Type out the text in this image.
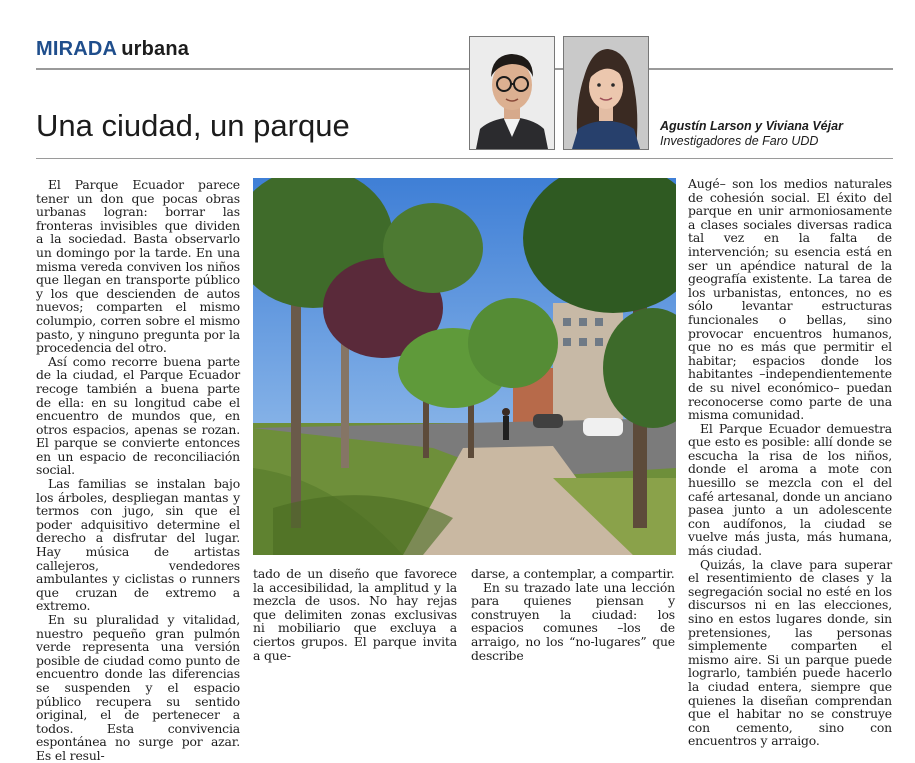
MIRADA urbana
Agustín Larson y Viviana Véjar
Investigadores de Faro UDD
Una ciudad, un parque

El Parque Ecuador parece tener un don que pocas obras urbanas logran: borrar las fronteras invisibles que dividen a la sociedad. Basta observarlo un domingo por la tarde. En una misma vereda conviven los niños que llegan en transporte público y los que descienden de autos nuevos; comparten el mismo columpio, corren sobre el mismo pasto, y ninguno pregunta por la procedencia del otro.

Así como recorre buena parte de la ciudad, el Parque Ecuador recoge también a buena parte de ella: en su longitud cabe el encuentro de mundos que, en otros espacios, apenas se rozan. El parque se convierte entonces en un espacio de reconciliación social.

Las familias se instalan bajo los árboles, despliegan mantas y termos con jugo, sin que el poder adquisitivo determine el derecho a disfrutar del lugar. Hay música de artistas callejeros, vendedores ambulantes y ciclistas o runners que cruzan de extremo a extremo.

En su pluralidad y vitalidad, nuestro pequeño gran pulmón verde representa una versión posible de ciudad como punto de encuentro donde las diferencias se suspenden y el espacio público recupera su sentido original, el de pertenecer a todos. Esta convivencia espontánea no surge por azar. Es el resul-

tado de un diseño que favorece la accesibilidad, la amplitud y la mezcla de usos. No hay rejas que delimiten zonas exclusivas ni mobiliario que excluya a ciertos grupos. El parque invita a que-

darse, a contemplar, a compartir.

En su trazado late una lección para quienes piensan y construyen la ciudad: los espacios comunes –los de arraigo, no los “no-lugares” que describe

Augé– son los medios naturales de cohesión social. El éxito del parque en unir armoniosamente a clases sociales diversas radica tal vez en la falta de intervención; su esencia está en ser un apéndice natural de la geografía existente. La tarea de los urbanistas, entonces, no es sólo levantar estructuras funcionales o bellas, sino provocar encuentros humanos, que no es más que permitir el habitar; espacios donde los habitantes –independientemente de su nivel económico– puedan reconocerse como parte de una misma comunidad.

El Parque Ecuador demuestra que esto es posible: allí donde se escucha la risa de los niños, donde el aroma a mote con huesillo se mezcla con el del café artesanal, donde un anciano pasea junto a un adolescente con audífonos, la ciudad se vuelve más justa, más humana, más ciudad.

Quizás, la clave para superar el resentimiento de clases y la segregación social no esté en los discursos ni en las elecciones, sino en estos lugares donde, sin pretensiones, las personas simplemente comparten el mismo aire. Si un parque puede lograrlo, también puede hacerlo la ciudad entera, siempre que quienes la diseñan comprendan que el habitar no se construye con cemento, sino con encuentros y arraigo.
